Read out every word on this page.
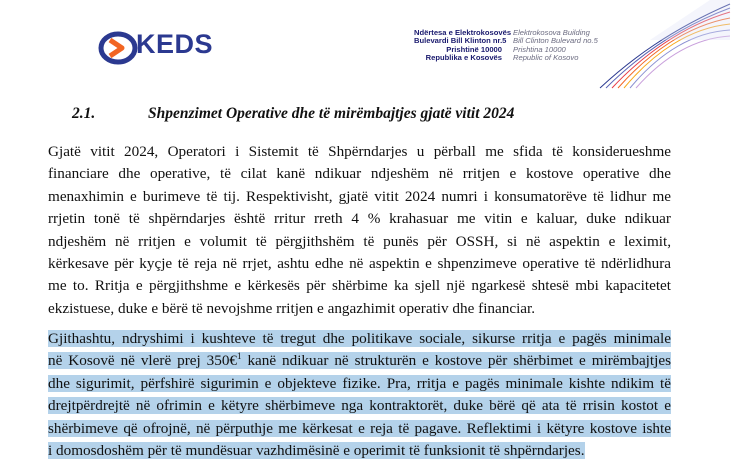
KEDS	Ndërtesa e Elektrokosovës
Bulevardi Bill Klinton nr.5
Prishtinë 10000
Republika e Kosovës
Elektrokosova Building
Bill Clinton Bulevard no.5
Prishtina 10000
Republic of Kosovo
2.1.	Shpenzimet Operative dhe të mirëmbajtjes gjatë vitit 2024
Gjatë vitit 2024, Operatori i Sistemit të Shpërndarjes u përball me sfida të konsiderueshme
financiare dhe operative, të cilat kanë ndikuar ndjeshëm në rritjen e kostove operative dhe
menaxhimin e burimeve të tij. Respektivisht, gjatë vitit 2024 numri i konsumatorëve të lidhur me
rrjetin tonë të shpërndarjes është rritur rreth 4 % krahasuar me vitin e kaluar, duke ndikuar
ndjeshëm në rritjen e volumit të përgjithshëm të punës për OSSH, si në aspektin e leximit,
kërkesave për kyçje të reja në rrjet, ashtu edhe në aspektin e shpenzimeve operative të ndërlidhura
me to. Rritja e përgjithshme e kërkesës për shërbime ka sjell një ngarkesë shtesë mbi kapacitetet
ekzistuese, duke e bërë të nevojshme rritjen e angazhimit operativ dhe financiar.
Gjithashtu, ndryshimi i kushteve të tregut dhe politikave sociale, sikurse rritja e pagës minimale
në Kosovë në vlerë prej 350€$^1$ kanë ndikuar në strukturën e kostove për shërbimet e mirëmbajtjes
dhe sigurimit, përfshirë sigurimin e objekteve fizike. Pra, rritja e pagës minimale kishte ndikim të
drejtpërdrejtë në ofrimin e këtyre shërbimeve nga kontraktorët, duke bërë që ata të rrisin kostot e
shërbimeve që ofrojnë, në përputhje me kërkesat e reja të pagave. Reflektimi i këtyre kostove ishte
i domosdoshëm për të mundësuar vazhdimësinë e operimit të funksionit të shpërndarjes.
